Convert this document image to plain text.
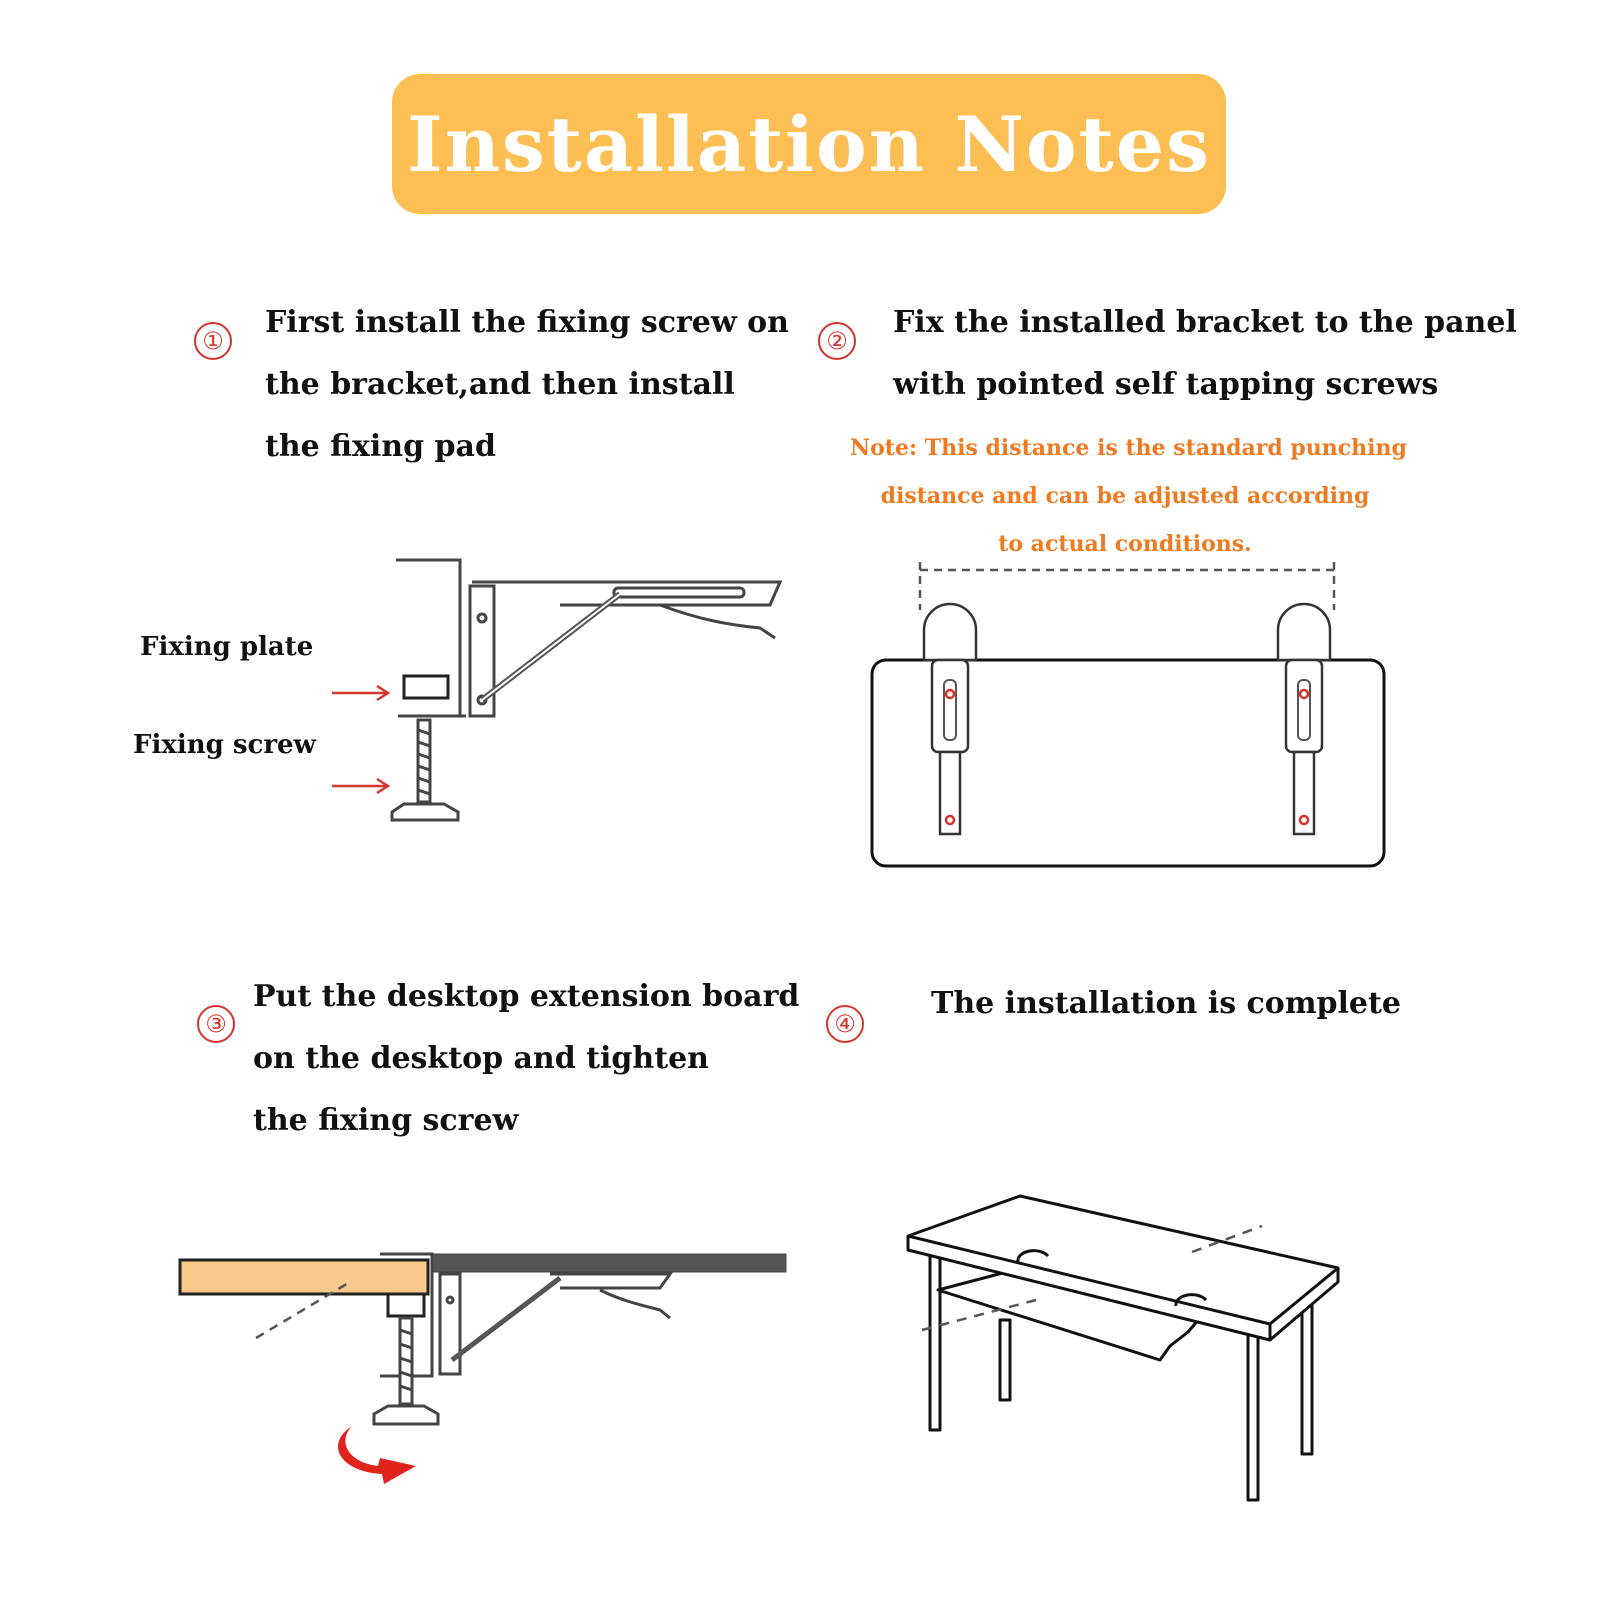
Installation Notes
①
First install the fixing screw on
the bracket,and then install
the fixing pad
②
Fix the installed bracket to the panel
with pointed self tapping screws
Note: This distance is the standard punching
distance and can be adjusted according
to actual conditions.
③
Put the desktop extension board
on the desktop and tighten
the fixing screw
④
The installation is complete
Fixing plate
Fixing screw
